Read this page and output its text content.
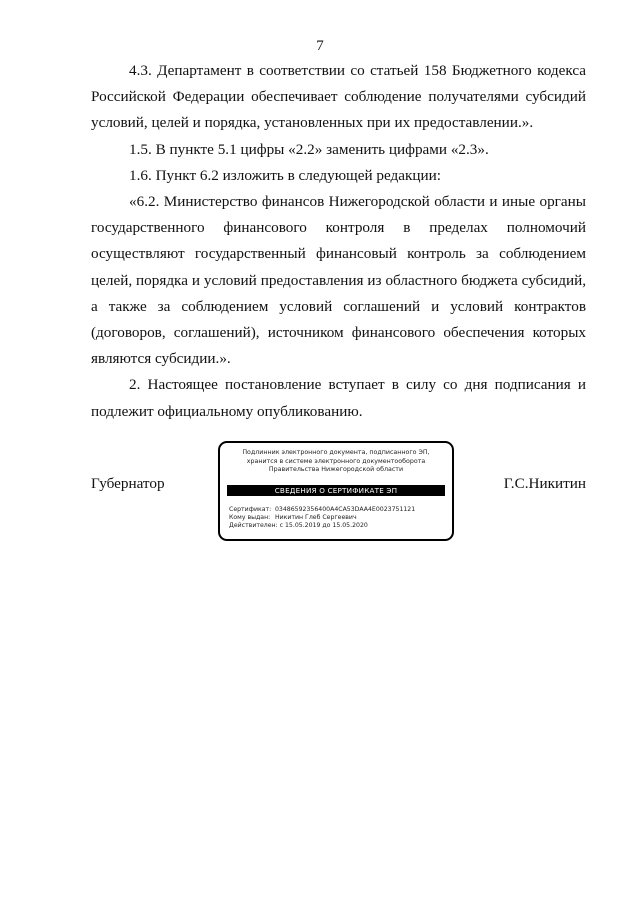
7

4.3. Департамент в соответствии со статьей 158 Бюджетного кодекса Российской Федерации обеспечивает соблюдение получателями субсидий условий, целей и порядка, установленных при их предоставлении.».

1.5. В пункте 5.1 цифры «2.2» заменить цифрами «2.3».

1.6. Пункт 6.2 изложить в следующей редакции:

«6.2. Министерство финансов Нижегородской области и иные органы государственного финансового контроля в пределах полномочий осуществляют государственный финансовый контроль за соблюдением целей, порядка и условий предоставления из областного бюджета субсидий, а также за соблюдением условий соглашений и условий контрактов (договоров, соглашений), источником финансового обеспечения которых являются субсидии.».

2. Настоящее постановление вступает в силу со дня подписания и подлежит официальному опубликованию.

Губернатор
Подлинник электронного документа, подписанного ЭП,
хранится в системе электронного документооборота
Правительства Нижегородской области
СВЕДЕНИЯ О СЕРТИФИКАТЕ ЭП
Сертификат: 03486592356400A4CA53DAA4E0023751121
Кому выдан: Никитин Глеб Сергеевич
Действителен: с 15.05.2019 до 15.05.2020
Г.С.Никитин
